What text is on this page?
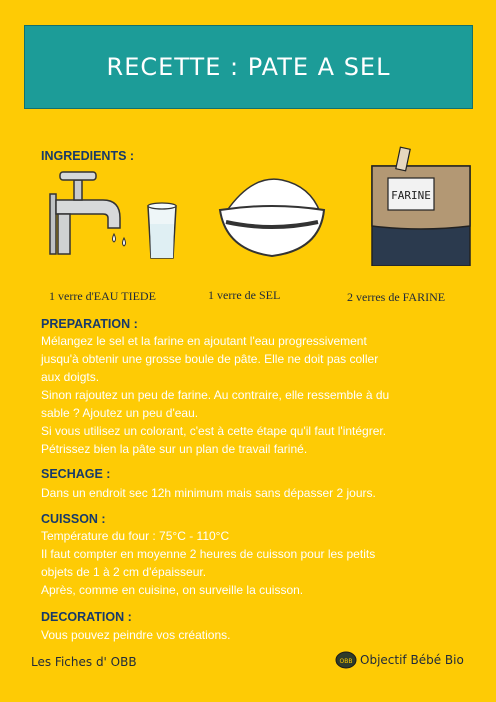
RECETTE : PATE A SEL
INGREDIENTS :
FARINE
1 verre d'EAU TIEDE	1 verre de SEL	2 verres de FARINE
PREPARATION :
Mélangez le sel et la farine en ajoutant l'eau progressivement
jusqu'à obtenir une grosse boule de pâte. Elle ne doit pas coller
aux doigts.
Sinon rajoutez un peu de farine. Au contraire, elle ressemble à du
sable ? Ajoutez un peu d'eau.
Si vous utilisez un colorant, c'est à cette étape qu'il faut l'intégrer.
Pétrissez bien la pâte sur un plan de travail fariné.
SECHAGE :
Dans un endroit sec 12h minimum mais sans dépasser 2 jours.
CUISSON :
Température du four : 75°C - 110°C
Il faut compter en moyenne 2 heures de cuisson pour les petits
objets de 1 à 2 cm d'épaisseur.
Après, comme en cuisine, on surveille la cuisson.
DECORATION :
Vous pouvez peindre vos créations.
Les Fiches d' OBB	OBB Objectif Bébé Bio
